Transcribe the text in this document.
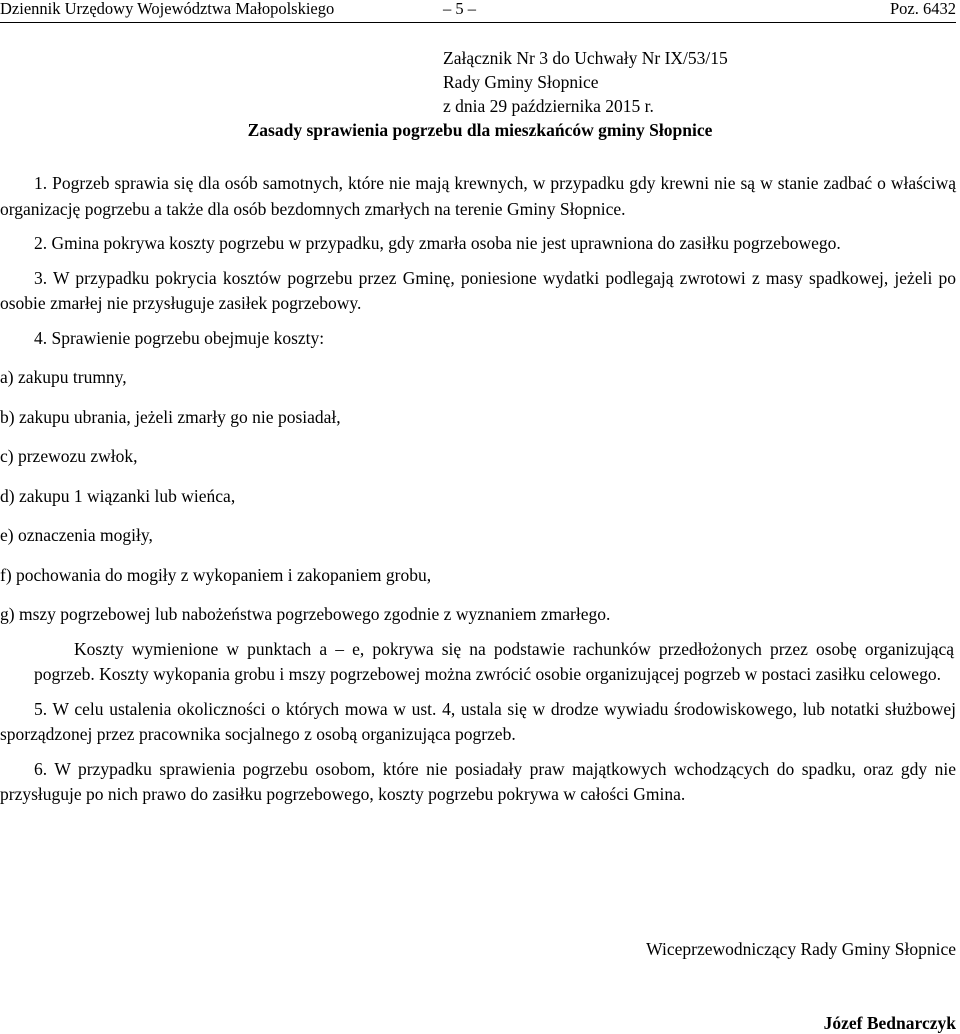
Dziennik Urzędowy Województwa Małopolskiego	– 5 –	Poz. 6432
Załącznik Nr 3 do Uchwały Nr IX/53/15
Rady Gminy Słopnice
z dnia 29 października 2015 r.
Zasady sprawienia pogrzebu dla mieszkańców gminy Słopnice

1. Pogrzeb sprawia się dla osób samotnych, które nie mają krewnych, w przypadku gdy krewni nie są w stanie zadbać o właściwą organizację pogrzebu a także dla osób bezdomnych zmarłych na terenie Gminy Słopnice.

2. Gmina pokrywa koszty pogrzebu w przypadku, gdy zmarła osoba nie jest uprawniona do zasiłku pogrzebowego.

3. W przypadku pokrycia kosztów pogrzebu przez Gminę, poniesione wydatki podlegają zwrotowi z masy spadkowej, jeżeli po osobie zmarłej nie przysługuje zasiłek pogrzebowy.

4. Sprawienie pogrzebu obejmuje koszty:

a) zakupu trumny,
b) zakupu ubrania, jeżeli zmarły go nie posiadał,
c) przewozu zwłok,
d) zakupu 1 wiązanki lub wieńca,
e) oznaczenia mogiły,
f) pochowania do mogiły z wykopaniem i zakopaniem grobu,
g) mszy pogrzebowej lub nabożeństwa pogrzebowego zgodnie z wyznaniem zmarłego.

Koszty wymienione w punktach a – e, pokrywa się na podstawie rachunków przedłożonych przez osobę organizującą pogrzeb. Koszty wykopania grobu i mszy pogrzebowej można zwrócić osobie organizującej pogrzeb w postaci zasiłku celowego.

5. W celu ustalenia okoliczności o których mowa w ust. 4, ustala się w drodze wywiadu środowiskowego, lub notatki służbowej sporządzonej przez pracownika socjalnego z osobą organizująca pogrzeb.

6. W przypadku sprawienia pogrzebu osobom, które nie posiadały praw majątkowych wchodzących do spadku, oraz gdy nie przysługuje po nich prawo do zasiłku pogrzebowego, koszty pogrzebu pokrywa w całości Gmina.

Wiceprzewodniczący Rady Gminy Słopnice
Józef Bednarczyk
